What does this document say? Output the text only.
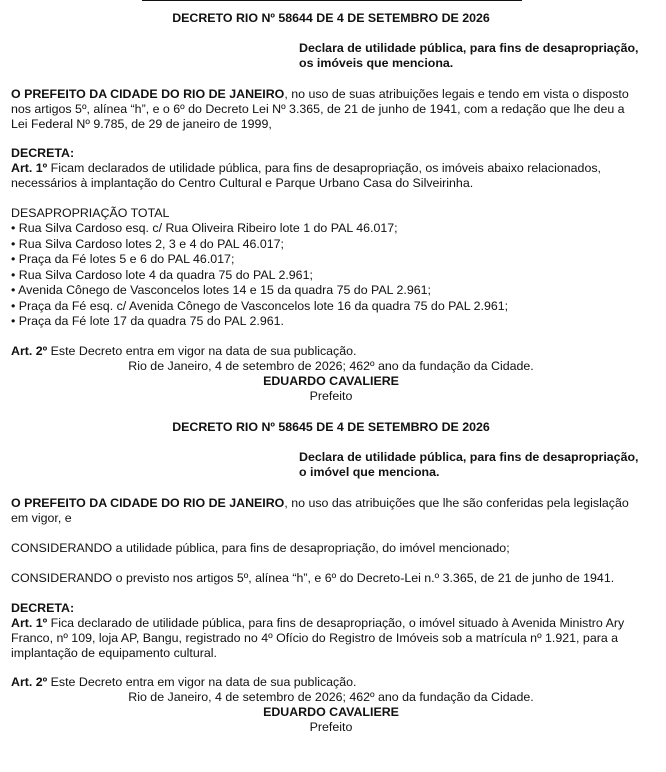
DECRETO RIO Nº 58644 DE 4 DE SETEMBRO DE 2026
Declara de utilidade pública, para fins de desapropriação,
os imóveis que menciona.
O PREFEITO DA CIDADE DO RIO DE JANEIRO, no uso de suas atribuições legais e tendo em vista o disposto
nos artigos 5º, alínea “h”, e o 6º do Decreto Lei Nº 3.365, de 21 de junho de 1941, com a redação que lhe deu a
Lei Federal Nº 9.785, de 29 de janeiro de 1999,
DECRETA:
Art. 1º Ficam declarados de utilidade pública, para fins de desapropriação, os imóveis abaixo relacionados,
necessários à implantação do Centro Cultural e Parque Urbano Casa do Silveirinha.
DESAPROPRIAÇÃO TOTAL
• Rua Silva Cardoso esq. c/ Rua Oliveira Ribeiro lote 1 do PAL 46.017;
• Rua Silva Cardoso lotes 2, 3 e 4 do PAL 46.017;
• Praça da Fé lotes 5 e 6 do PAL 46.017;
• Rua Silva Cardoso lote 4 da quadra 75 do PAL 2.961;
• Avenida Cônego de Vasconcelos lotes 14 e 15 da quadra 75 do PAL 2.961;
• Praça da Fé esq. c/ Avenida Cônego de Vasconcelos lote 16 da quadra 75 do PAL 2.961;
• Praça da Fé lote 17 da quadra 75 do PAL 2.961.
Art. 2º Este Decreto entra em vigor na data de sua publicação.
Rio de Janeiro, 4 de setembro de 2026; 462º ano da fundação da Cidade.
EDUARDO CAVALIERE
Prefeito
DECRETO RIO Nº 58645 DE 4 DE SETEMBRO DE 2026
Declara de utilidade pública, para fins de desapropriação,
o imóvel que menciona.
O PREFEITO DA CIDADE DO RIO DE JANEIRO, no uso das atribuições que lhe são conferidas pela legislação
em vigor, e
CONSIDERANDO a utilidade pública, para fins de desapropriação, do imóvel mencionado;
CONSIDERANDO o previsto nos artigos 5º, alínea “h”, e 6º do Decreto-Lei n.º 3.365, de 21 de junho de 1941.
DECRETA:
Art. 1º Fica declarado de utilidade pública, para fins de desapropriação, o imóvel situado à Avenida Ministro Ary
Franco, nº 109, loja AP, Bangu, registrado no 4º Ofício do Registro de Imóveis sob a matrícula nº 1.921, para a
implantação de equipamento cultural.
Art. 2º Este Decreto entra em vigor na data de sua publicação.
Rio de Janeiro, 4 de setembro de 2026; 462º ano da fundação da Cidade.
EDUARDO CAVALIERE
Prefeito
